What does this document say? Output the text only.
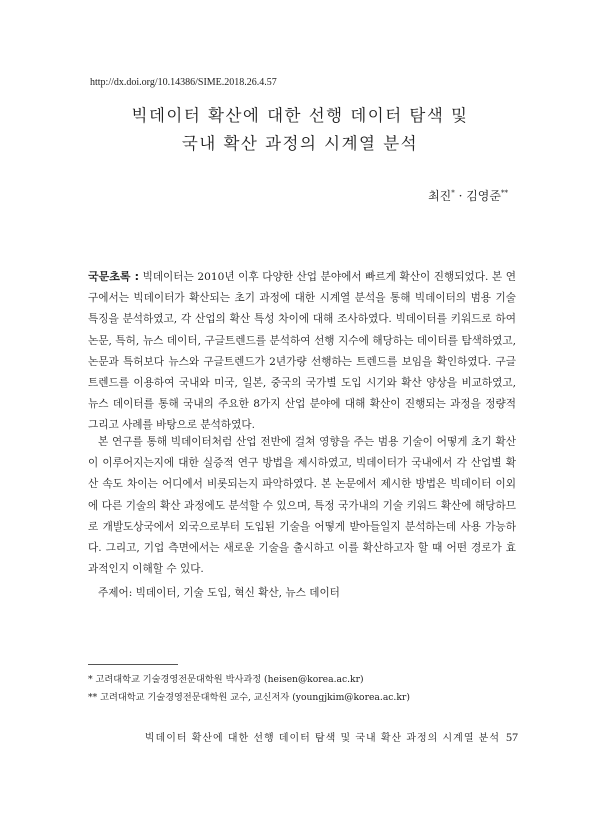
http://dx.doi.org/10.14386/SIME.2018.26.4.57
빅데이터 확산에 대한 선행 데이터 탐색 및
국내 확산 과정의 시계열 분석
최진* · 김영준**

국문초록 : 빅데이터는 2010년 이후 다양한 산업 분야에서 빠르게 확산이 진행되었다. 본 연구에서는 빅데이터가 확산되는 초기 과정에 대한 시계열 분석을 통해 빅데이터의 범용 기술 특징을 분석하였고, 각 산업의 확산 특성 차이에 대해 조사하였다. 빅데이터를 키워드로 하여 논문, 특허, 뉴스 데이터, 구글트렌드를 분석하여 선행 지수에 해당하는 데이터를 탐색하였고, 논문과 특허보다 뉴스와 구글트렌드가 2년가량 선행하는 트렌드를 보임을 확인하였다. 구글트렌드를 이용하여 국내와 미국, 일본, 중국의 국가별 도입 시기와 확산 양상을 비교하였고, 뉴스 데이터를 통해 국내의 주요한 8가지 산업 분야에 대해 확산이 진행되는 과정을 정량적 그리고 사례를 바탕으로 분석하였다.

본 연구를 통해 빅데이터처럼 산업 전반에 걸쳐 영향을 주는 범용 기술이 어떻게 초기 확산이 이루어지는지에 대한 실증적 연구 방법을 제시하였고, 빅데이터가 국내에서 각 산업별 확산 속도 차이는 어디에서 비롯되는지 파악하였다. 본 논문에서 제시한 방법은 빅데이터 이외에 다른 기술의 확산 과정에도 분석할 수 있으며, 특정 국가내의 기술 키워드 확산에 해당하므로 개발도상국에서 외국으로부터 도입된 기술을 어떻게 받아들일지 분석하는데 사용 가능하다. 그리고, 기업 측면에서는 새로운 기술을 출시하고 이를 확산하고자 할 때 어떤 경로가 효과적인지 이해할 수 있다.

주제어: 빅데이터, 기술 도입, 혁신 확산, 뉴스 데이터
* 고려대학교 기술경영전문대학원 박사과정 (heisen@korea.ac.kr)
** 고려대학교 기술경영전문대학원 교수, 교신저자 (youngjkim@korea.ac.kr)
빅데이터 확산에 대한 선행 데이터 탐색 및 국내 확산 과정의 시계열 분석 57
